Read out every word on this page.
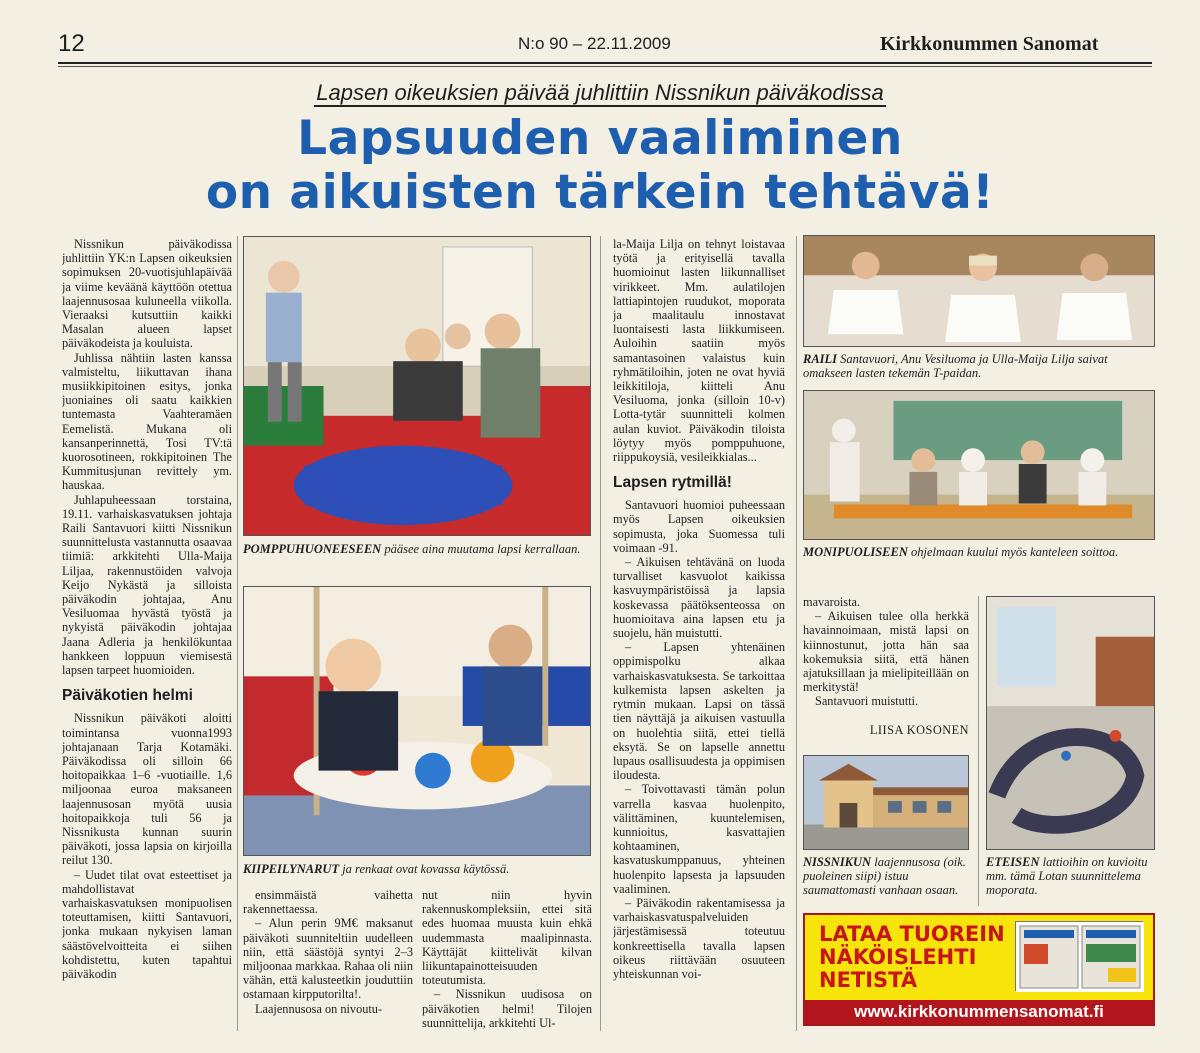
12	N:o 90 – 22.11.2009	Kirkkonummen Sanomat
Lapsen oikeuksien päivää juhlittiin Nissnikun päiväkodissa
Lapsuuden vaaliminen
on aikuisten tärkein tehtävä!

Nissnikun päiväkodissa juhlittiin YK:n Lapsen oikeuksien sopimuksen 20-vuotisjuhlapäivää ja viime keväänä käyttöön otettua laajennusosaa kuluneella viikolla. Vieraaksi kutsuttiin kaikki Masalan alueen lapset päiväkodeista ja kouluista.

Juhlissa nähtiin lasten kanssa valmisteltu, liikuttavan ihana musiikkipitoinen esitys, jonka juoniaines oli saatu kaikkien tuntemasta Vaahteramäen Eemelistä. Mukana oli kansanperinnettä, Tosi TV:tä kuorosotineen, rokkipitoinen The Kummitusjunan revittely ym. hauskaa.

Juhlapuheessaan torstaina, 19.11. varhaiskasvatuksen johtaja Raili Santavuori kiitti Nissnikun suunnittelusta vastannutta osaavaa tiimiä: arkkitehti Ulla-Maija Liljaa, rakennustöiden valvoja Keijo Nykästä ja silloista päiväkodin johtajaa, Anu Vesiluomaa hyvästä työstä ja nykyistä päiväkodin johtajaa Jaana Adleria ja henkilökuntaa hankkeen loppuun viemisestä lapsen tarpeet huomioiden.

Päiväkotien helmi

Nissnikun päiväkoti aloitti toimintansa vuonna1993 johtajanaan Tarja Kotamäki. Päiväkodissa oli silloin 66 hoitopaikkaa 1–6 -vuotiaille. 1,6 miljoonaa euroa maksaneen laajennusosan myötä uusia hoitopaikkoja tuli 56 ja Nissnikusta kunnan suurin päiväkoti, jossa lapsia on kirjoilla reilut 130.

– Uudet tilat ovat esteettiset ja mahdollistavat varhaiskasvatuksen monipuolisen toteuttamisen, kiitti Santavuori, jonka mukaan nykyisen laman säästövelvoitteita ei siihen kohdistettu, kuten tapahtui päiväkodin

POMPPUHUONEESEEN pääsee aina muutama lapsi kerrallaan.
KIIPEILYNARUT ja renkaat ovat kovassa käytössä.

ensimmäistä vaihetta rakennettaessa.

– Alun perin 9M€ maksanut päiväkoti suunniteltiin uudelleen niin, että säästöjä syntyi 2–3 miljoonaa markkaa. Rahaa oli niin vähän, että kalusteetkin jouduttiin ostamaan kirpputorilta!.

Laajennusosa on nivoutu-

nut niin hyvin rakennuskompleksiin, ettei sitä edes huomaa muusta kuin ehkä uudemmasta maalipinnasta. Käyttäjät kiittelivät kilvan liikuntapainotteisuuden toteutumista.

– Nissnikun uudisosa on päiväkotien helmi! Tilojen suunnittelija, arkkitehti Ul-

la-Maija Lilja on tehnyt loistavaa työtä ja erityisellä tavalla huomioinut lasten liikunnalliset virikkeet. Mm. aulatilojen lattiapintojen ruudukot, moporata ja maalitaulu innostavat luontaisesti lasta liikkumiseen. Auloihin saatiin myös samantasoinen valaistus kuin ryhmätiloihin, joten ne ovat hyviä leikkitiloja, kiitteli Anu Vesiluoma, jonka (silloin 10-v) Lotta-tytär suunnitteli kolmen aulan kuviot. Päiväkodin tiloista löytyy myös pomppuhuone, riippukoysiä, vesileikkialas...

Lapsen rytmillä!

Santavuori huomioi puheessaan myös Lapsen oikeuksien sopimusta, joka Suomessa tuli voimaan -91.

– Aikuisen tehtävänä on luoda turvalliset kasvuolot kaikissa kasvuympäristöissä ja lapsia koskevassa päätöksenteossa on huomioitava aina lapsen etu ja suojelu, hän muistutti.

– Lapsen yhtenäinen oppimispolku alkaa varhaiskasvatuksesta. Se tarkoittaa kulkemista lapsen askelten ja rytmin mukaan. Lapsi on tässä tien näyttäjä ja aikuisen vastuulla on huolehtia siitä, ettei tiellä eksytä. Se on lapselle annettu lupaus osallisuudesta ja oppimisen iloudesta.

– Toivottavasti tämän polun varrella kasvaa huolenpito, välittäminen, kuuntelemisen, kunnioitus, kasvattajien kohtaaminen, kasvatuskumppanuus, yhteinen huolenpito lapsesta ja lapsuuden vaaliminen.

– Päiväkodin rakentamisessa ja varhaiskasvatuspalveluiden järjestämisessä toteutuu konkreettisella tavalla lapsen oikeus riittävään osuuteen yhteiskunnan voi-

RAILI Santavuori, Anu Vesiluoma ja Ulla-Maija Lilja saivat omakseen lasten tekemän T-paidan.
MONIPUOLISEEN ohjelmaan kuului myös kanteleen soittoa.

mavaroista.

– Aikuisen tulee olla herkkä havainnoimaan, mistä lapsi on kiinnostunut, jotta hän saa kokemuksia siitä, että hänen ajatuksillaan ja mielipiteillään on merkitystä!

Santavuori muistutti.

LIISA KOSONEN

NISSNIKUN laajennusosa (oik. puoleinen siipi) istuu saumattomasti vanhaan osaan.
ETEISEN lattioihin on kuvioitu mm. tämä Lotan suunnittelema moporata.
LATAA TUOREIN
NÄKÖISLEHTI
NETISTÄ
www.kirkkonummensanomat.fi
